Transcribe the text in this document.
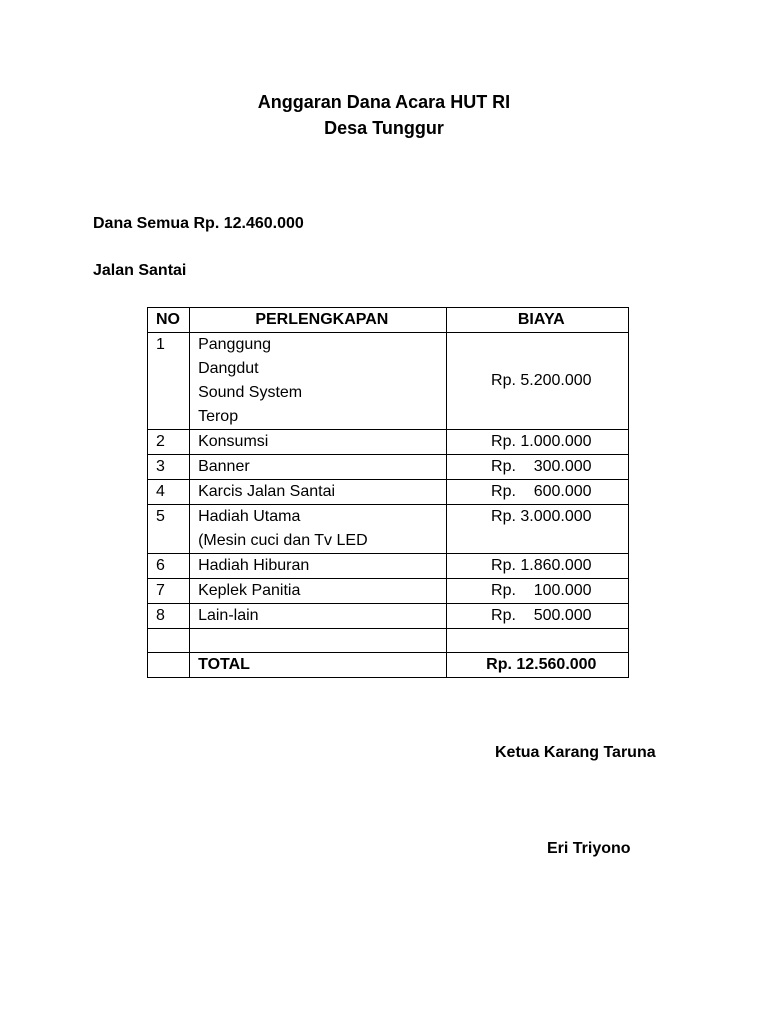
Anggaran Dana Acara HUT RI
Desa Tunggur
Dana Semua Rp. 12.460.000
Jalan Santai
NO	PERLENGKAPAN	BIAYA
1	Panggung
Dangdut
Sound System
Terop	Rp. 5.200.000
2	Konsumsi	Rp. 1.000.000
3	Banner	Rp.    300.000
4	Karcis Jalan Santai	Rp.    600.000
5	Hadiah Utama
(Mesin cuci dan Tv LED	Rp. 3.000.000
6	Hadiah Hiburan	Rp. 1.860.000
7	Keplek Panitia	Rp.    100.000
8	Lain-lain	Rp.    500.000

	TOTAL	Rp. 12.560.000
Ketua Karang Taruna
Eri Triyono
